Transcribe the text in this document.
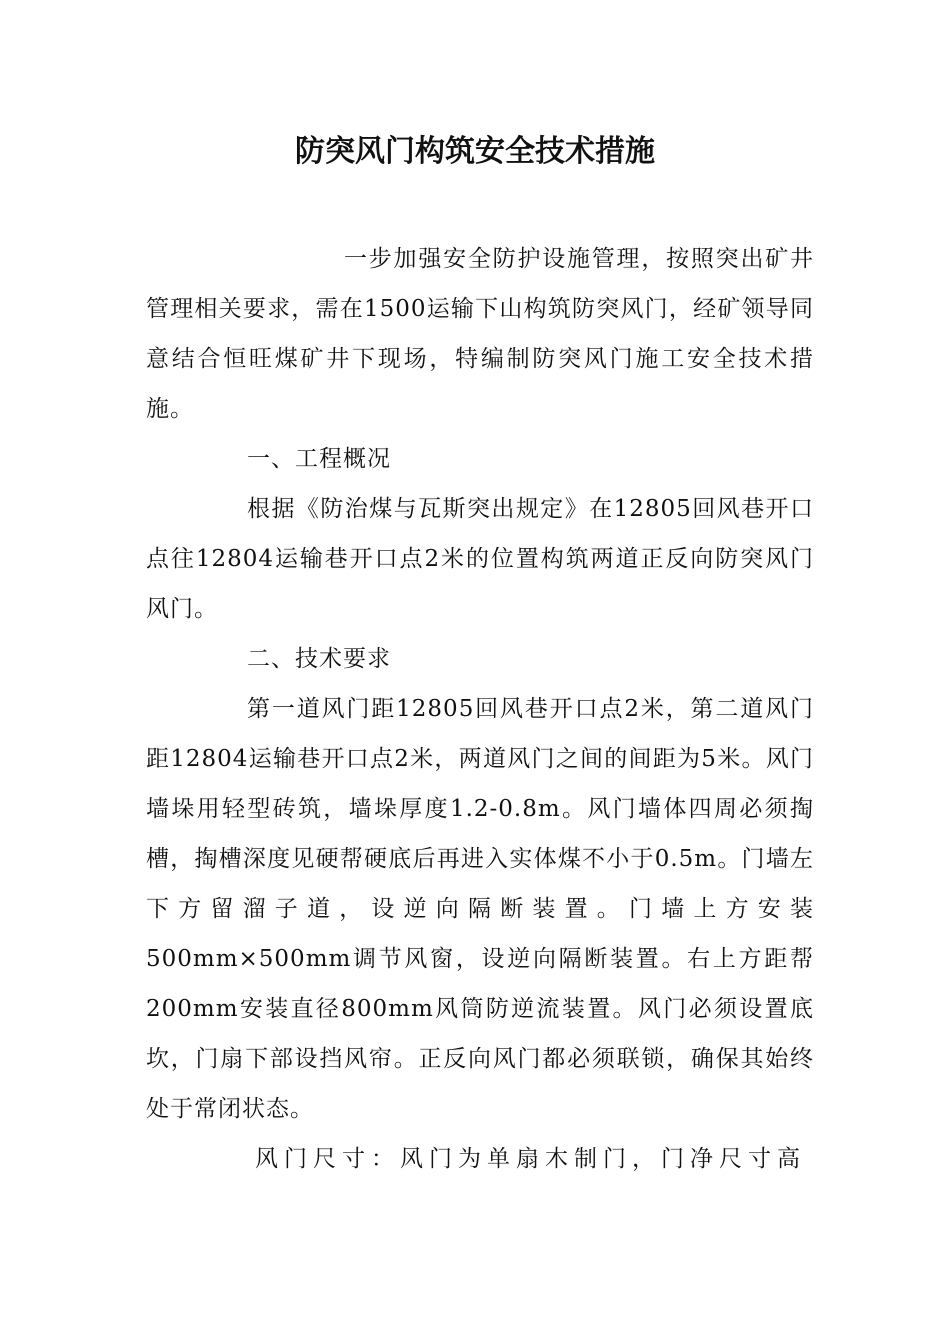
防突风门构筑安全技术措施

一步加强安全防护设施管理，按照突出矿井管理相关要求，需在1500运输下山构筑防突风门，经矿领导同意结合恒旺煤矿井下现场，特编制防突风门施工安全技术措施。

一、工程概况

根据《防治煤与瓦斯突出规定》在12805回风巷开口点往12804运输巷开口点2米的位置构筑两道正反向防突风门风门。

二、技术要求

第一道风门距12805回风巷开口点2米，第二道风门距12804运输巷开口点2米，两道风门之间的间距为5米。风门墙垛用轻型砖筑，墙垛厚度1.2-0.8m。风门墙体四周必须掏槽，掏槽深度见硬帮硬底后再进入实体煤不小于0.5m。门墙左下方留溜子道，设逆向隔断装置。门墙上方安装500mm×500mm调节风窗，设逆向隔断装置。右上方距帮200mm安装直径800mm风筒防逆流装置。风门必须设置底坎，门扇下部设挡风帘。正反向风门都必须联锁，确保其始终处于常闭状态。

风门尺寸：风门为单扇木制门，门净尺寸高
